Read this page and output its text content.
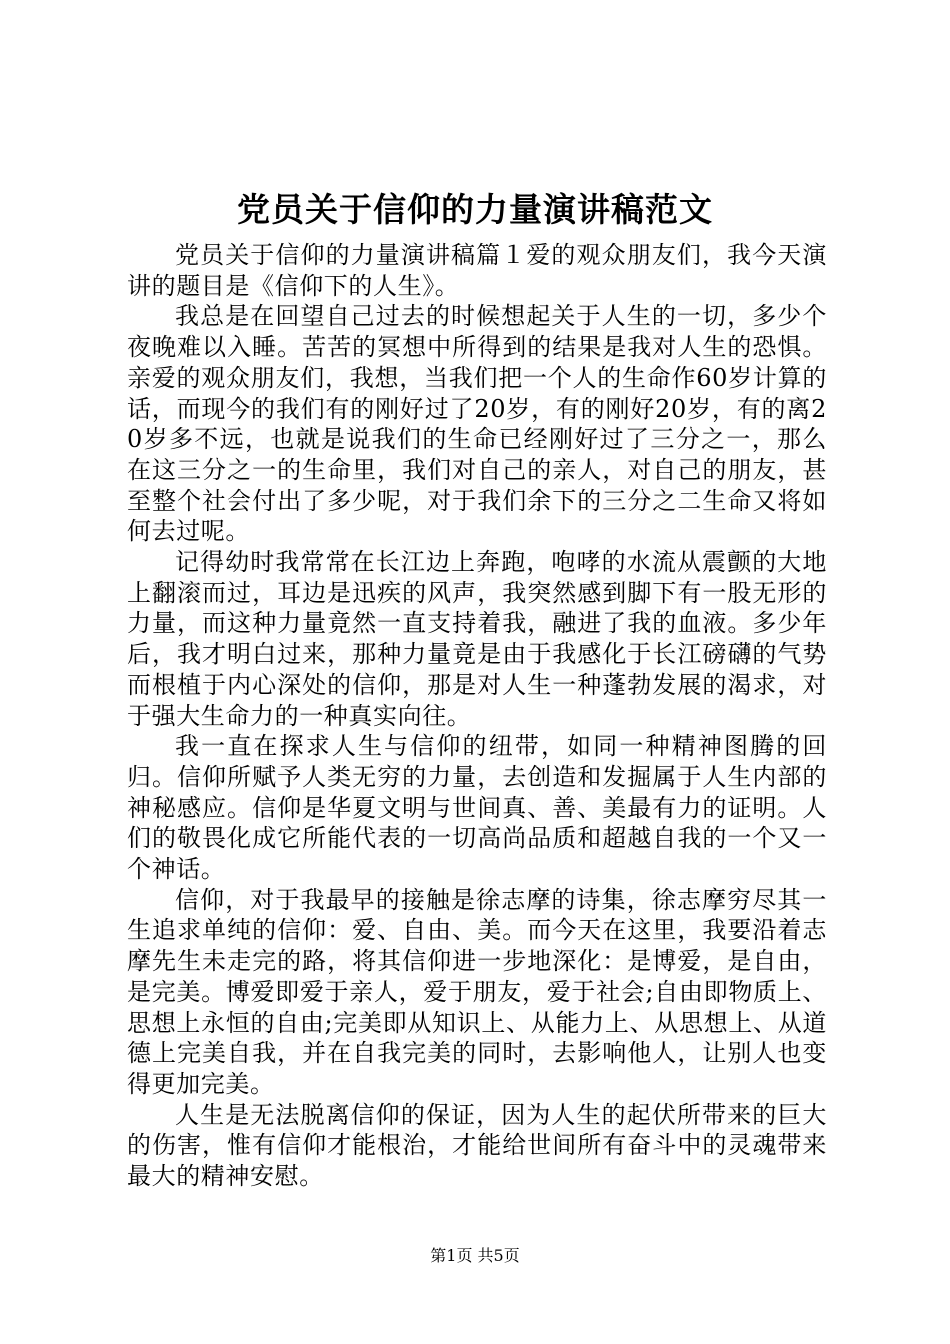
党员关于信仰的力量演讲稿范文

党员关于信仰的力量演讲稿篇１爱的观众朋友们，我今天演讲的题目是《信仰下的人生》。

我总是在回望自己过去的时候想起关于人生的一切，多少个夜晚难以入睡。苦苦的冥想中所得到的结果是我对人生的恐惧。亲爱的观众朋友们，我想，当我们把一个人的生命作60岁计算的话，而现今的我们有的刚好过了20岁，有的刚好20岁，有的离20岁多不远，也就是说我们的生命已经刚好过了三分之一，那么在这三分之一的生命里，我们对自己的亲人，对自己的朋友，甚至整个社会付出了多少呢，对于我们余下的三分之二生命又将如何去过呢。

记得幼时我常常在长江边上奔跑，咆哮的水流从震颤的大地上翻滚而过，耳边是迅疾的风声，我突然感到脚下有一股无形的力量，而这种力量竟然一直支持着我，融进了我的血液。多少年后，我才明白过来，那种力量竟是由于我感化于长江磅礴的气势而根植于内心深处的信仰，那是对人生一种蓬勃发展的渴求，对于强大生命力的一种真实向往。

我一直在探求人生与信仰的纽带，如同一种精神图腾的回归。信仰所赋予人类无穷的力量，去创造和发掘属于人生内部的神秘感应。信仰是华夏文明与世间真、善、美最有力的证明。人们的敬畏化成它所能代表的一切高尚品质和超越自我的一个又一个神话。

信仰，对于我最早的接触是徐志摩的诗集，徐志摩穷尽其一生追求单纯的信仰：爱、自由、美。而今天在这里，我要沿着志摩先生未走完的路，将其信仰进一步地深化：是博爱，是自由，是完美。博爱即爱于亲人，爱于朋友，爱于社会;自由即物质上、思想上永恒的自由;完美即从知识上、从能力上、从思想上、从道德上完美自我，并在自我完美的同时，去影响他人，让别人也变得更加完美。

人生是无法脱离信仰的保证，因为人生的起伏所带来的巨大的伤害，惟有信仰才能根治，才能给世间所有奋斗中的灵魂带来最大的精神安慰。

第1页 共5页
